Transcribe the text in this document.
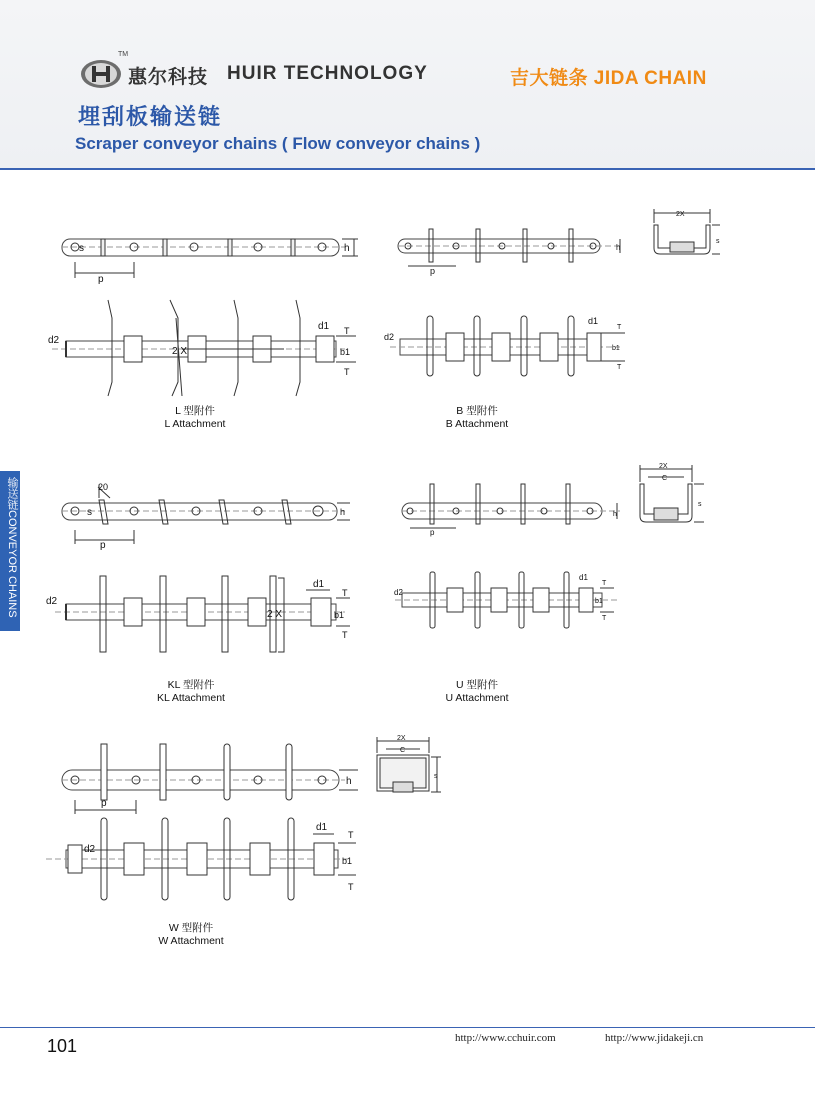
TM
惠尔科技 HUIR TECHNOLOGY	吉大链条 JIDA CHAIN
埋刮板输送链
Scraper conveyor chains ( Flow conveyor chains )
输送链CONVEYOR CHAINS
s
p
h
d2
d1
2 X	b1
T
T
p
h
2X
s
d2
d1
b1
T
T
20
s
p
h
d2
d1
2 X	b1
T
T
p
h
2X
C
s
d2
d1
b1
T
T
p
h
2X
C
s
d2
d1
b1
T
T
L 型附件
L Attachment
B 型附件
B Attachment
KL 型附件
KL Attachment
U 型附件
U Attachment
W 型附件
W Attachment
101	http://www.cchuir.com	http://www.jidakeji.cn
